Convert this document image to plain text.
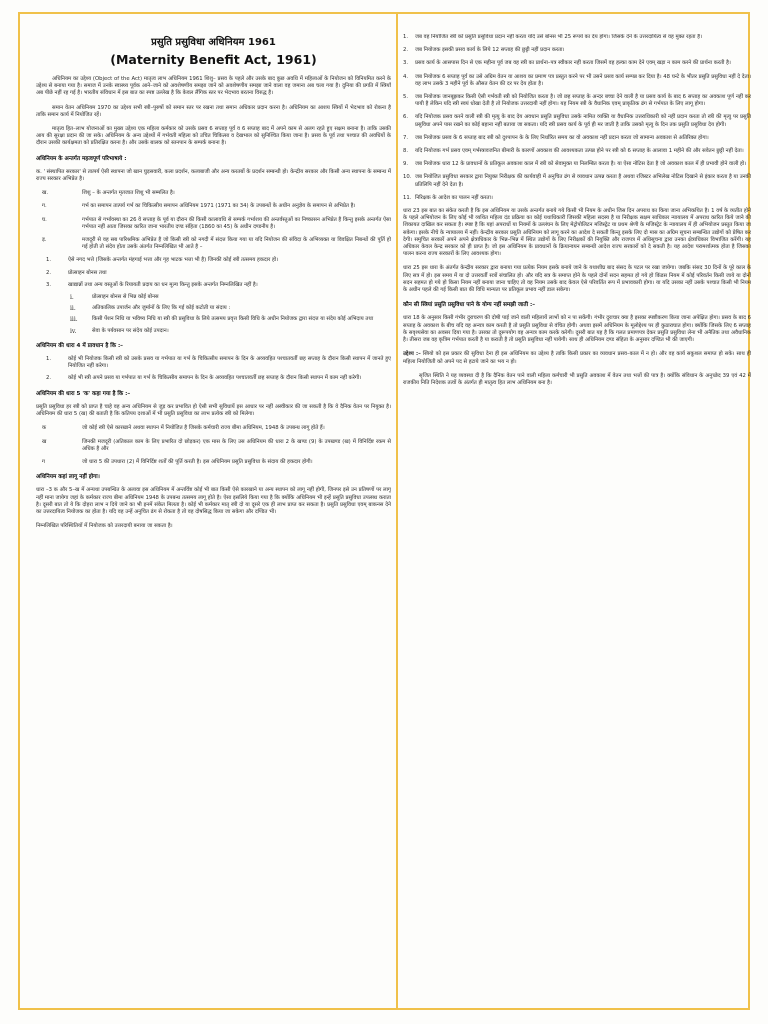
प्रसुति प्रसुविधा अधिनियम 1961
(Maternity Benefit Act, 1961)

अधिनियम का उद्देश्य (Object of the Act) मातृत्व लाभ अधिनियम 1961 शिशु– प्रसव के पहले और उसके बाद कुछ अवधि में महिलाओं के नियोजन को विनियमित करने के उद्देश्य से बनाया गया है। समाज में उनके स्वास्थ्य पूर्वक आने–जाने को अवशेषणीय समझा जाने को अवशेषणीय समझा जाने वाला वह जमाना अब चला गया है। दुनिया की प्रगति में स्त्रियाँ अब पीछे नहीं रह गई है। भारतीय संविधान में इस बात का स्पष्ट उल्लेख है कि केवल लैंगिक स्तर पर भेदभाव बरतना विरुद्ध है।

समान वेतन अधिनियम 1970 का उद्देश्य सभी स्त्री–पुरुषों को समान स्तर पर रखना तथा समान अधिकार प्रदान करना है। अधिनियम का आशय स्त्रियों में भेदभाव को रोकना है ताकि समान कार्य में नियोजित रहें।

मातृत्व हित–लाभ योजनाओं का मुख्य उद्देश्य एक महिला कर्मकार को उसके प्रसव 6 सप्ताह पूर्व व 6 सप्ताह बाद में अपने काम से अलग रहते हुए सक्षम बनाना है। ताकि उसकी आय की सुरक्षा प्रदान की जा सके। अधिनियम के अन्य उद्देश्यों में गर्भवती महिला को उचित चिकित्सा व देखभाल को सुनिश्चित किया जाना है। प्रसव के पूर्व तथा पश्चात की अवधियों के दौरान उसकी कार्यक्षमता को प्रतिरक्षित करना है। और उसके बालक को स्तनपान के सम्पर्क बनाना है।

अधिनियम के अन्तर्गत महत्वपूर्ण परिभाषाये :

क. ' संस्थापित सरकार' से तात्पर्य ऐसी स्थापना जो खान घुड़सवारी, कला प्रदर्शन, कलाबाजी और अन्य करतबों के प्रदर्शन सम्बन्धी हो। केन्द्रीय सरकार और किसी अन्य स्थापना के सम्बन्ध में राज्य सरकार अभिप्रेत है।

ख.	शिशु – के अन्तर्गत मृतजात शिशु भी सम्मलित है।
ग.	गर्भ का समापन तात्पर्य गर्भ का चिकित्सीय समापन अधिनियम 1971 (1971 का 34) के उपबन्धों के अधीन अनुज्ञेय के समापन से अभिप्रेत है।
घ.	गर्भपात से गर्भावस्था का 26 वे सप्ताह के पूर्व या दौरान की किसी कालावधि से सम्पर्क गर्भाशय की अन्तर्वस्तुओं का निष्कासन अभिप्रेत है किन्तु इसके अन्तर्गत ऐसा गर्भपात नहीं आता जिसका कारित जाना भारतीय दण्ड संहिता (1860 का 45) के अधीन दण्डनीय है।
ड़.	मजदूरी से वह सब पारिश्रमिक अभिप्रेत है जो किसी स्त्री को नगदी में संदत्त किया गया या यदि नियोजन की संविदा के अभिव्यक्त या विवक्षित निबन्धों की पूर्ति हो गई होती तो संदेय होता उसके अंतर्गत निम्नलिखित भी आते है –
1.	ऐसे नगद भत्ते (जिसके अन्तर्गत मंहगाई भत्ता और गृह भाटक भत्ता भी है) जिनकी कोई स्त्री तत्समय हकदार हो।
2.	प्रोत्साहन बोनस तथा
3.	खाद्यान्नों तथा अन्य वस्तुओं के रियायती प्रदाय का धन मूल्य किन्तु इसके अन्तर्गत निम्नलिखित नहीं है।
i.	प्रोत्साहन बोनस से भिन्न कोई बोनस
ii.	अतिकालिक उपार्जन और जुर्मानों के लिए कि गई कोई कटोती या संदाय :
iii.	किसी पेंशन निधि या भविष्य निधि या स्त्री की प्रसुविधा के लिये तत्समय प्रवृत्त किसी विधि के अधीन नियोजक द्वारा संदत्त या संदेय कोई अभिदाय तथा
iv.	सेवा के पर्यवसान पर संदेय कोई उपदान।
अधिनियम की धारा 4 में प्रावधान है कि :–
1.	कोई भी नियोजक किसी स्त्री को उसके प्रसव या गर्भपात या गर्भ के चिकित्सीय समापन के दिन के अव्यवहित पश्चातवर्ती छह सप्ताह के दौरान किसी स्थापन में जानते हुए नियोजित नहीं करेगा।
2.	कोई भी स्त्री अपने प्रसव या गर्भपात या गर्भ के चिकित्सीय समापन के दिन के अव्यवहित पश्चातवर्ती छह सप्ताह के दौरान किसी स्थापन में काम नहीं करेगी।
अधिनियम की धारा 5 'क' कहा गया है कि :–

प्रसूति प्रसुविधा हर स्त्री को प्राप्त है चाहे वह अन्य अधिनियम से जुड़ कर प्रभावित हो ऐसी सभी सुविधायें इस आधार पर नहीं अस्वीकार की जा सकती है कि वे दैनिक वेतन पर नियुक्त है। अधिनियम की धारा 5 (ख) की बताती है कि कतिपय दशाओं में भी प्रसुति प्रसुविधा का लाभ प्रत्येक स्त्री को मिलेगा।

क	जो कोई स्त्री ऐसे कारखाने अथवा स्थापन में नियोजित है जिसके कर्मचारी राज्य बीमा अधिनियम, 1948 के उपबन्ध लागू होते हैं।
ख	जिनकी मजदूरी (अतिकाल काम के लिए प्रभारित दो छोड़कर) एक मास के लिए उस अधिनियम की धारा 2 के खण्ड (9) के उपखण्ड (ख) में विनिर्दिष्ट रकम से अधिक है और
ग	जो धारा 5 की उपधारा (2) में विनिर्दिष्ट शर्तों की पूर्ति करती है। इस अधिनियम प्रसुति प्रसुविधा के संदाय की हकदार होगी।
अधिनियम कहां लागू नहीं होगा।

धारा –3 क और 5–ख में अन्यथा उपबन्धित के अलावा इस अधिनियम में अन्तर्विष्ट कोई भी बात किसी ऐसे कारखाने या अन्य स्थापन को लागू नहीं होगी, जिनपर इसे उन प्रतिषणों पर लागू नहीं माना जायेगा जहां के कर्मकार राज्य बीमा अधिनियम 1948 के उपबन्ध तत्समय लागू होते है। ऐसा इसलिये किया गया है कि क्योंकि अधिनियम भी इन्हें प्रसुति प्रसुविधा उपलब्ध कराता है। दूसरी बात तो ये कि दोहरा लाभ न दिये जाने का भी इनमें संकेत मिलता है। कोई भी कर्मकार मातृ स्त्री दो या दूसरे एक ही लाभ प्राप्त कर सकता है। प्रसुति प्रसुविधा एवम् बाकनस देने का उत्तरदायित्व नियोजक का होता है। यदि वह उन्हें अनुचित ढंग से रोकता है तो वह दोषसिद्ध किया जा सकेगा और दण्डित भी।

निम्नलिखित परिस्थितियों में नियोजक को उत्तरदायी बनाया जा सकता है।

1.	जब वह नियोजित स्त्री को प्रसुति प्रसुविधा प्रदान नहीं करता यदि उसे बोनस भी 25 रूपये का देय होगा। जिसके देने के उत्तरदायित्व से वह मुक्त रहता है।
2.	जब नियोजक इसकी प्रसव कार्य के लिये 12 सप्ताह की छुट्टी नहीं प्रदान करता।
3.	प्रसव कार्य के आसपास दिन से एक महीना पूर्व जब वह स्त्री का प्रार्थना–पत्र स्वीकार नहीं करता जिसमें वह हल्का काम देने एवम् खड़ा न काम करने की प्रार्थना करती है।
4.	जब नियोजक 6 सप्ताह पूर्व का उसे अग्रिम वेतन या आशय का प्रमाण पत्र प्रस्तुत करने पर भी उसने प्रसव कार्य सम्पन्न कर दिया है। 48 घन्टे के भीतर प्रसुति प्रसुविधा नहीं दे देता। वह लाभ उसके 3 महीने पूर्व के औसत वेतन की दर पर देय होता है।
5.	जब नियोजक जानबूझकर किसी ऐसी गर्भवती स्त्री को नियोजित करता है। जो छह सप्ताह के अन्दर बच्चा देने वाली है या प्रसव कार्य के बाद 6 सप्ताह का अवकाश पूर्ण नहीं कर पायी है लेकिन यदि स्त्री स्वयं धोखा देती है तो नियोजक उत्तरदायी नहीं होगा। यह नियम स्त्री के वैधानिक एवम् प्राकृतिक ढंग से गर्भपात के लिए लागू होगा।
6.	यदि नियोजक प्रसव करने वाली स्त्री की मृत्यु के बाद देय अवधान प्रसुति प्रसुविधा उसके नामित व्यक्ति या वैधानिक उत्तराधिकारी को नहीं प्रदान करता तो स्त्री की मृत्यु पर प्रसुति प्रसुविधा अपने पास रखने का कोई बहाना नहीं बताया जा सकता। यदि स्त्री प्रसव कार्य के पूर्व ही मर जाती है ताकि उसको मृत्यु के दिन तक प्रसुति प्रसुविधा देय होगी।
7.	जब नियोजक प्रसव के 6 सप्ताह बाद स्त्री को दुश्पापन के के लिए निर्धारित समय का वो अवकाश नहीं प्रदान करता जो सामान्य अवकाश से अतिरिक्त होगा।
8.	यदि नियोजक गर्भ प्रसव एवम् गर्भस्त्रावजनित बीमारी के कारणों अवकाश की आवश्यकता उत्पन्न होने पर स्त्री को 6 सप्ताह के आलावा 1 महीने की और सवेतन छुट्टी नहीं देता।
9.	जब नियोजक धारा 12 के प्रावधानों के प्रतिकूल अवकाश काल में स्त्री को सेवामुक्त या निलम्बित करता है। या ऐसा नोटिस देता है जो अवकाश काल में ही प्रभावी होने वाली हो।
10. जब नियोजित प्रसुविधा सरकार द्वारा नियुक्त निरीक्षक की कार्यवाही में अनुचित ढंग से व्यवधान उत्पन्न करता है अथवा रजिस्टर अभिलेख नोटिस दिखाने से इंकार करता है या उनकी प्रतिलिपि नहीं देने देता है।
11. निरिक्षक के आदेश का पालन नहीं करता।

धारा 23 इस बात का संकेत करती है कि इस अधिनियम या उसके अन्तर्गत बनाये गये किसी भी नियम के अधीन जिस दिन अपराध का किया जाना अभिकथित है। 1 वर्ष के व्यतीत होने के पहले अभियोजन के लिए कोई भी व्यथित महिला दंड प्रक्रिया का कोई यथाधिकारी जिसकी महिला सदस्य है या निरीक्षक सक्षम साधिकार न्यायालय में अपराध कारित किये जाने की शिकायत दाखिल कर सकता है। स्पष्ट है कि यहां अपराधों या नियमों के उल्लंघन के लिए मेट्रोपोलिटन मजिस्ट्रेट या प्रथम श्रेणी के मजिस्ट्रेट के न्यायालय में ही अभियोजन प्रस्तुत किया जा सकेगा। इसके नीचे के न्यायालय में नहीं। केन्द्रीय सरकार प्रसुति अधिनियम को लागू करने का आदेश दे सकती किन्तु इसके लिए दो मास का अग्रिम सूचना सम्बन्धित उद्योगों को प्रेषित कर देगी। समुचित सरकारें अपने अपने क्षेत्राधिकार के भिन्न–भिन्न में स्थित उद्योगों के लिए निरीक्षकों की नियुक्ति और राजपत्र में अधिसूचना द्वारा उनका क्षेत्राधिकार विभाजित करेंगी। यह अधिकार केवल केन्द्र सरकार को ही प्राप्त है। जो इस अधिनियम के प्रावधानों के क्रियान्वयन सम्बन्धी आदेश राज्य सरकारों को दे सकती है। यह आदेश परामर्शात्मक होता है जिसका पालन करना राज्य सरकारों के लिए आवश्यक होगा।

धारा 25 इस धारा के अंतर्गत केन्द्रीय सरकार द्वारा बनाया गया प्रत्येक नियम इसके बनाये जाने के यथाशीघ्र बाद संसद के पटल पर रखा जायेगा। जबकि संसद 30 दिनों के पूरे काल के लिए सत्र में हो। इस समय में या दो उत्तरवर्ती सत्रों संचालित हो। और यदि सत्र के समाप्त होने के पहले दोनों सदन सहमत हो गये हो किंडस नियम में कोई परिवर्तन किसी जाये या दोनों सदन सहमत हो गये हो किसा नियम नहीं बनाया जाना चाहिए तो वह नियम उसके बाद केवल ऐसे परिवर्तित रूप में प्रभावकारी होगा। या यदि उसका नहीं उसके पश्चात किसी भी नियम के अधीन पहले की गई किसी बात की विधि मान्यता पर प्रतिकूल प्रभाव नहीं डाल सकेगा।

कौन सी स्त्रियां प्रसुति प्रसुविधा पाने के योग्य नहीं समझी जाती :–

धारा 18 के अनुसार किसी गंभीर दुराचरण की दोषी पाई जाने वाली महिलायें लाभों को न पा सकेंगी। गंभीर दुराचार क्या है इसका स्पष्टीकरण किया जाना अपेक्षित होगा। प्रसव के बाद 6 सप्ताह के अवकाश के बीच यदि वह अन्यत्र काम करती है तो प्रसुति प्रसुविधा से वंचित होगी। अथवा इसमें अधिनियम के मूलोद्देश्य पर ही कुठाराघात होगा। क्योंकि जिसके लिए 6 सप्ताह के सवृश्यसेवा का अवसर दिया गया है। उसका तो दुरूपयोग वह अन्यत्र काम करके करेगी। दूसरी बात यह है कि गलत प्रमाणपत्र देकर प्रसुति प्रसुविधा लेना भी अनैतिक तथा अवैधानिक है। तीसरा जब वह कृत्रिम गर्भपात करती है या कराती है तो प्रसुति प्रसुविधा नहीं पायेगी। साथ ही अधिनियम दण्ड संहिता के अनुसार दण्डित भी की जाएगी।

उद्देश्य :– स्त्रियो को इस प्रकार की सुविधा देना ही इस अधिनियम का उद्देश्य है ताकि किसी प्रकार का व्यवधान प्रसव–काल में न हो। और वह कार्य सकुशल समाप्त हो सके। साथ ही महिला नियोजिती को अपने पद से हटाये जाने का भय न हो।

सृजित स्थिति ने यह व्यवस्था दी है कि दैनिक वेतन पाने वाली महिला कर्मचारी भी प्रसुति अवकाश में वेतन तथा भत्तों की पात्र है। क्योंकि संविधान के अनुच्छेद 39 एवं 42 में राजकीय निति निदेशक तत्वों के अंतर्गत ही मातृत्व हित लाभ अधिनियम बना है।
